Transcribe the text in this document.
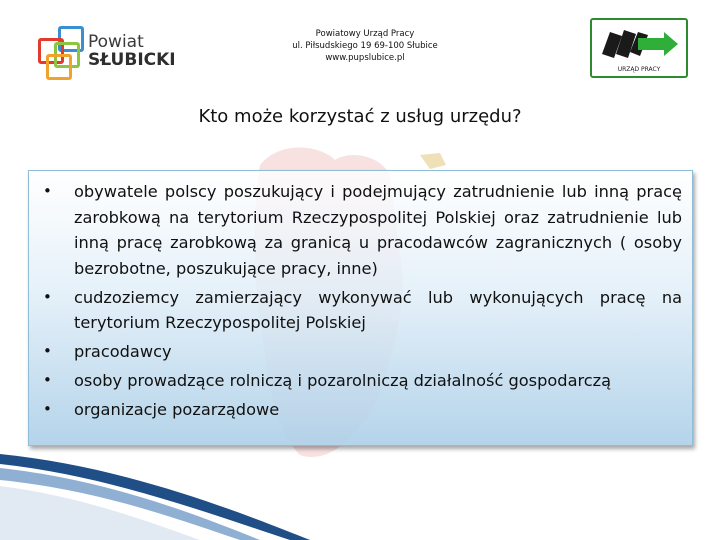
Powiat
SŁUBICKI
Powiatowy Urząd Pracy
ul. Piłsudskiego 19 69-100 Słubice
www.pupslubice.pl
URZĄD PRACY
Kto może korzystać z usług urzędu?
• obywatele polscy poszukujący i podejmujący zatrudnienie lub inną pracę zarobkową na terytorium Rzeczypospolitej Polskiej oraz zatrudnienie lub inną pracę zarobkową za granicą u pracodawców zagranicznych ( osoby bezrobotne, poszukujące pracy, inne)
• cudzoziemcy zamierzający wykonywać lub wykonujących pracę na terytorium Rzeczypospolitej Polskiej
• pracodawcy
• osoby prowadzące rolniczą i pozarolniczą działalność gospodarczą
• organizacje pozarządowe
